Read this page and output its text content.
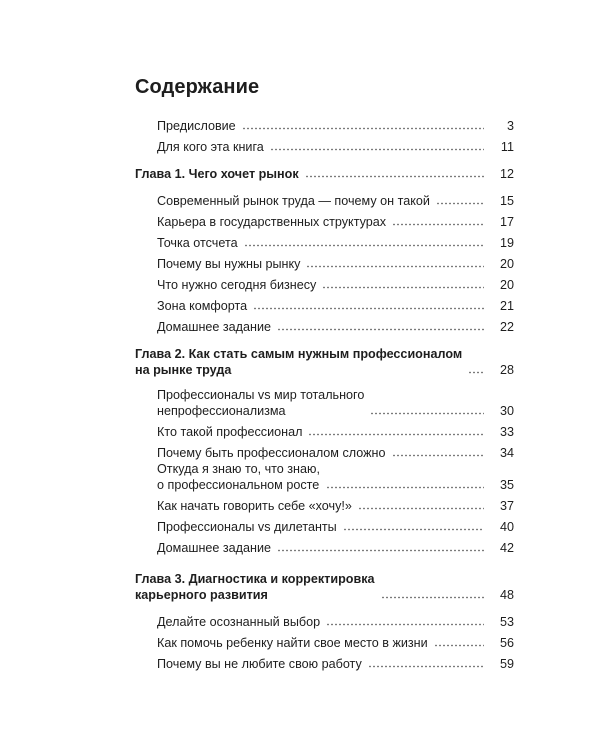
Содержание
Предисловие	3
Для кого эта книга	11
Глава 1. Чего хочет рынок	12
Современный рынок труда — почему он такой	15
Карьера в государственных структурах	17
Точка отсчета	19
Почему вы нужны рынку	20
Что нужно сегодня бизнесу	20
Зона комфорта	21
Домашнее задание	22
Глава 2. Как стать самым нужным профессионалом
на рынке труда	28
Профессионалы vs мир тотального
непрофессионализма	30
Кто такой профессионал	33
Почему быть профессионалом сложно	34
Откуда я знаю то, что знаю,
о профессиональном росте	35
Как начать говорить себе «хочу!»	37
Профессионалы vs дилетанты	40
Домашнее задание	42
Глава 3. Диагностика и корректировка
карьерного развития	48
Делайте осознанный выбор	53
Как помочь ребенку найти свое место в жизни	56
Почему вы не любите свою работу	59
